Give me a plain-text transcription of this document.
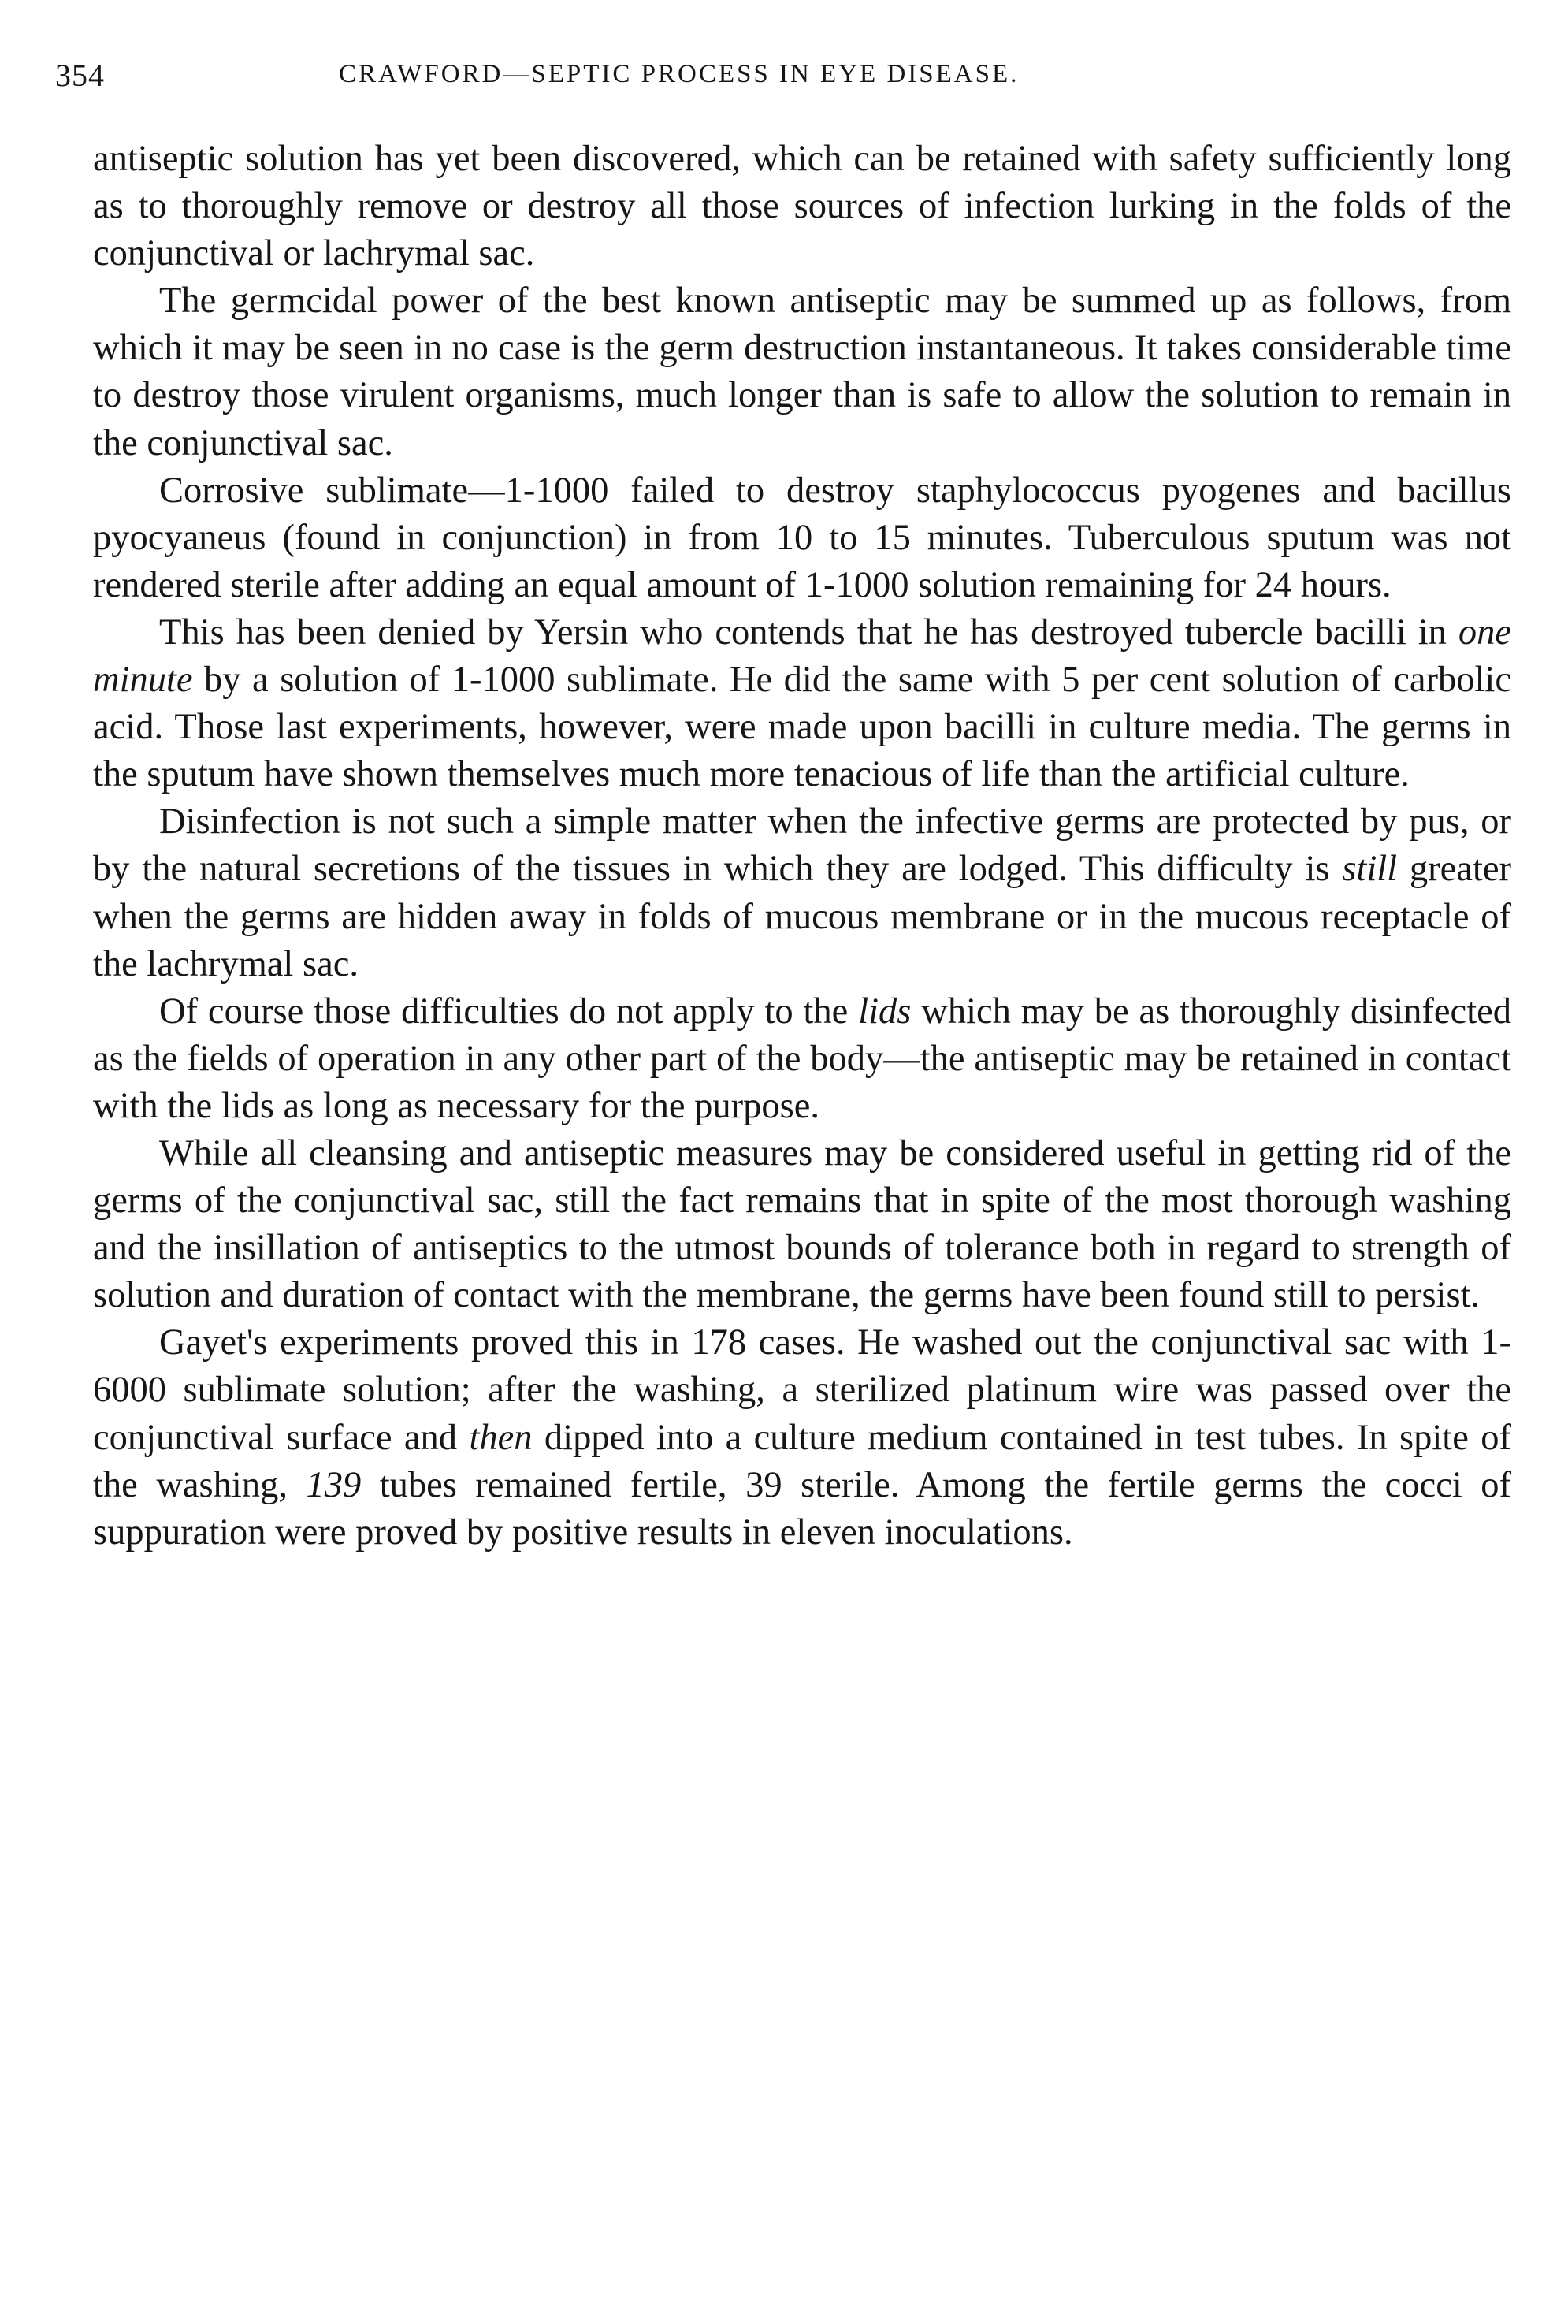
354	CRAWFORD—SEPTIC PROCESS IN EYE DISEASE.

antiseptic solution has yet been discovered, which can be retained with safety sufficiently long as to thoroughly remove or destroy all those sources of infection lurking in the folds of the conjunctival or lachrymal sac.

The germcidal power of the best known antiseptic may be summed up as follows, from which it may be seen in no case is the germ destruction instantaneous. It takes considerable time to destroy those virulent organisms, much longer than is safe to allow the solution to remain in the conjunctival sac.

Corrosive sublimate—1-1000 failed to destroy staphylococcus pyogenes and bacillus pyocyaneus (found in conjunction) in from 10 to 15 minutes. Tuberculous sputum was not rendered sterile after adding an equal amount of 1-1000 solution remaining for 24 hours.

This has been denied by Yersin who contends that he has destroyed tubercle bacilli in one minute by a solution of 1-1000 sublimate. He did the same with 5 per cent solution of carbolic acid. Those last experiments, however, were made upon bacilli in culture media. The germs in the sputum have shown themselves much more tenacious of life than the artificial culture.

Disinfection is not such a simple matter when the infective germs are protected by pus, or by the natural secretions of the tissues in which they are lodged. This difficulty is still greater when the germs are hidden away in folds of mucous membrane or in the mucous receptacle of the lachrymal sac.

Of course those difficulties do not apply to the lids which may be as thoroughly disinfected as the fields of operation in any other part of the body—the antiseptic may be retained in contact with the lids as long as necessary for the purpose.

While all cleansing and antiseptic measures may be considered useful in getting rid of the germs of the conjunctival sac, still the fact remains that in spite of the most thorough washing and the insillation of antiseptics to the utmost bounds of tolerance both in regard to strength of solution and duration of contact with the membrane, the germs have been found still to persist.

Gayet's experiments proved this in 178 cases. He washed out the conjunctival sac with 1-6000 sublimate solution; after the washing, a sterilized platinum wire was passed over the conjunctival surface and then dipped into a culture medium contained in test tubes. In spite of the washing, 139 tubes remained fertile, 39 sterile. Among the fertile germs the cocci of suppuration were proved by positive results in eleven inoculations.
